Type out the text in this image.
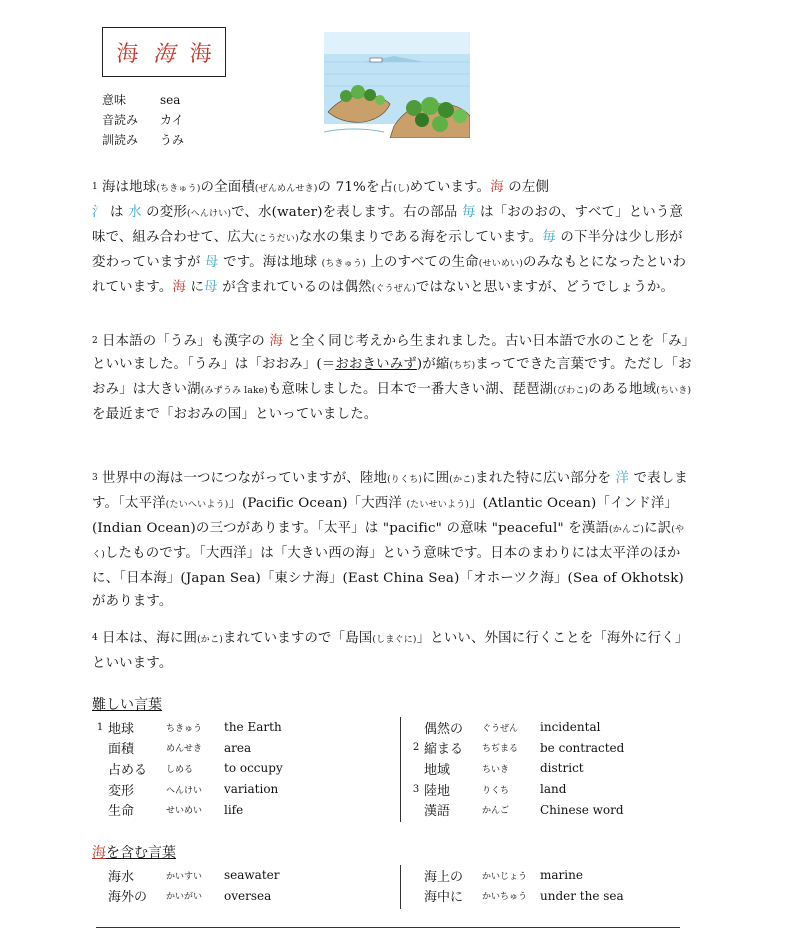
海 海 海
意味	sea
音読み	カイ
訓読み	うみ
$^1$ 海は地球(ちきゅう)の全面積(ぜんめんせき)の 71%を占(し)めています。海 の左側
氵 は 水 の変形(へんけい)で、水(water)を表します。右の部品 毎 は「おのおの、すべて」という意味で、組み合わせて、広大(こうだい)な水の集まりである海を示しています。毎 の下半分は少し形が変わっていますが 母 です。海は地球 (ちきゅう) 上のすべての生命(せいめい)のみなもとになったといわれています。海 に母 が含まれているのは偶然(ぐうぜん)ではないと思いますが、どうでしょうか。
$^2$ 日本語の「うみ」も漢字の 海 と全く同じ考えから生まれました。古い日本語で水のことを「み」といいました。「うみ」は「おおみ」(＝おおきいみず)が縮(ちぢ)まってできた言葉です。ただし「おおみ」は大きい湖(みずうみ lake)も意味しました。日本で一番大きい湖、琵琶湖(びわこ)のある地域(ちいき)を最近まで「おおみの国」といっていました。
$^3$ 世界中の海は一つにつながっていますが、陸地(りくち)に囲(かこ)まれた特に広い部分を 洋 で表します。「太平洋(たいへいよう)」(Pacific Ocean)「大西洋 (たいせいよう)」(Atlantic Ocean)「インド洋」(Indian Ocean)の三つがあります。「太平」は "pacific" の意味 "peaceful" を漢語(かんご)に訳(やく)したものです。「大西洋」は「大きい西の海」という意味です。日本のまわりには太平洋のほかに、「日本海」(Japan Sea)「東シナ海」(East China Sea)「オホーツク海」(Sea of Okhotsk)があります。
$^4$ 日本は、海に囲(かこ)まれていますので「島国(しまぐに)」といい、外国に行くことを「海外に行く」といいます。
難しい言葉
1 地球	ちきゅう	the Earth
面積	めんせき	area
占める	しめる	to occupy
変形	へんけい	variation
生命	せいめい	life
偶然の	ぐうぜん	incidental
2 縮まる	ちぢまる	be contracted
地域	ちいき	district
3 陸地	りくち	land
漢語	かんご	Chinese word
海を含む言葉
海水	かいすい	seawater
海外の	かいがい	oversea
海上の	かいじょう	marine
海中に	かいちゅう	under the sea
